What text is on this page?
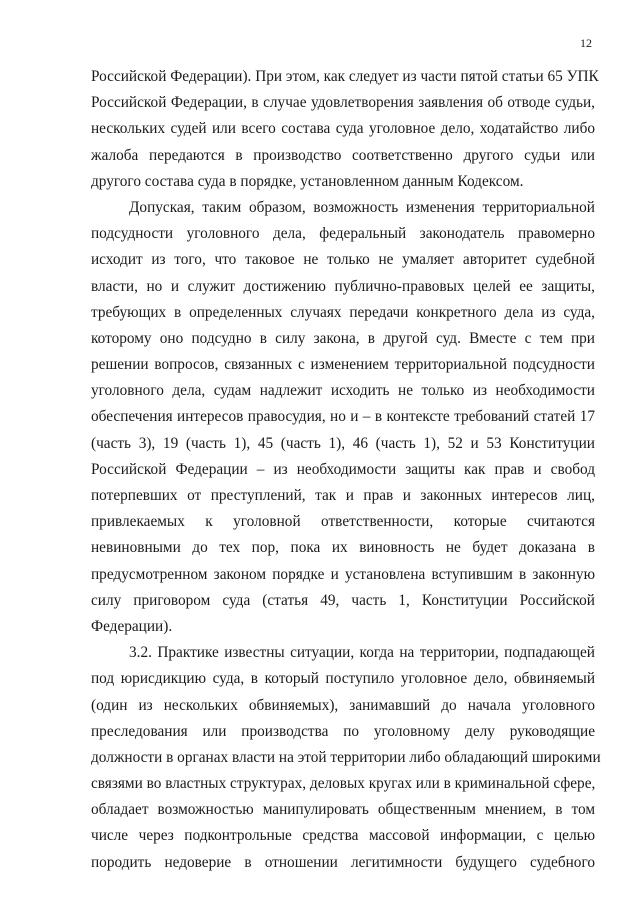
12
Российской Федерации). При этом, как следует из части пятой статьи 65 УПК
Российской Федерации, в случае удовлетворения заявления об отводе судьи,
нескольких судей или всего состава суда уголовное дело, ходатайство либо
жалоба передаются в производство соответственно другого судьи или
другого состава суда в порядке, установленном данным Кодексом.
Допуская, таким образом, возможность изменения территориальной
подсудности уголовного дела, федеральный законодатель правомерно
исходит из того, что таковое не только не умаляет авторитет судебной
власти, но и служит достижению публично-правовых целей ее защиты,
требующих в определенных случаях передачи конкретного дела из суда,
которому оно подсудно в силу закона, в другой суд. Вместе с тем при
решении вопросов, связанных с изменением территориальной подсудности
уголовного дела, судам надлежит исходить не только из необходимости
обеспечения интересов правосудия, но и – в контексте требований статей 17
(часть 3), 19 (часть 1), 45 (часть 1), 46 (часть 1), 52 и 53 Конституции
Российской Федерации – из необходимости защиты как прав и свобод
потерпевших от преступлений, так и прав и законных интересов лиц,
привлекаемых к уголовной ответственности, которые считаются
невиновными до тех пор, пока их виновность не будет доказана в
предусмотренном законом порядке и установлена вступившим в законную
силу приговором суда (статья 49, часть 1, Конституции Российской
Федерации).
3.2. Практике известны ситуации, когда на территории, подпадающей
под юрисдикцию суда, в который поступило уголовное дело, обвиняемый
(один из нескольких обвиняемых), занимавший до начала уголовного
преследования или производства по уголовному делу руководящие
должности в органах власти на этой территории либо обладающий широкими
связями во властных структурах, деловых кругах или в криминальной сфере,
обладает возможностью манипулировать общественным мнением, в том
числе через подконтрольные средства массовой информации, с целью
породить недоверие в отношении легитимности будущего судебного
